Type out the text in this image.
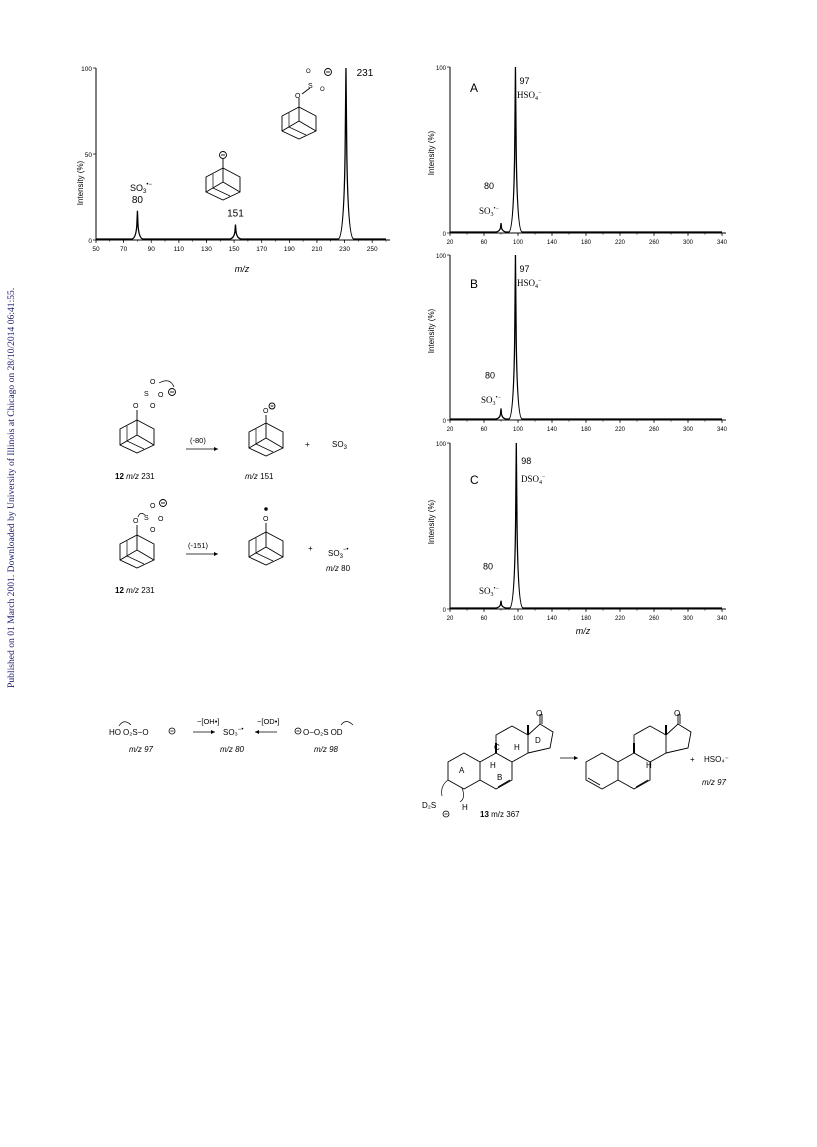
Published on 01 March 2001. Downloaded by University of Illinois at Chicago on 28/10/2014 06:41:55.
50	70	90	110	130	150	170	190	210	230	250
0
50
100
80
151
231
m/z
Intensity (%)	$SO_3^{•-}$
O
S
O
O
20	60	100	140	180	220	260	300	340
0
100
80
97
Intensity (%)
A	$HSO_4^-$
$SO_3^{•-}$
20	60	100	140	180	220	260	300	340
0
100
80
97
Intensity (%)
B	$HSO_4^-$
$SO_3^{•-}$
20	60	100	140	180	220	260	300	340
0
100
80
98
Intensity (%)
C
m/z
$DSO_4^-$
$SO_3^{•-}$
O
S O
O
O
12 m/z 231
(-80)
O
m/z 151
+	$SO_3$
O
S O
O
O
12 m/z 231
(-151)
O
+
$SO_3^{-•}$
m/z 80
HO O₂S−O
−[OH•]
SO₃−•
−[OD•]
O−O₂S OD
m/z 97	m/z 80	m/z 98
O
A
B
C
D
H
H
H
D₂S
13 m/z 367
O
H
+ HSO₄⁻
m/z 97
